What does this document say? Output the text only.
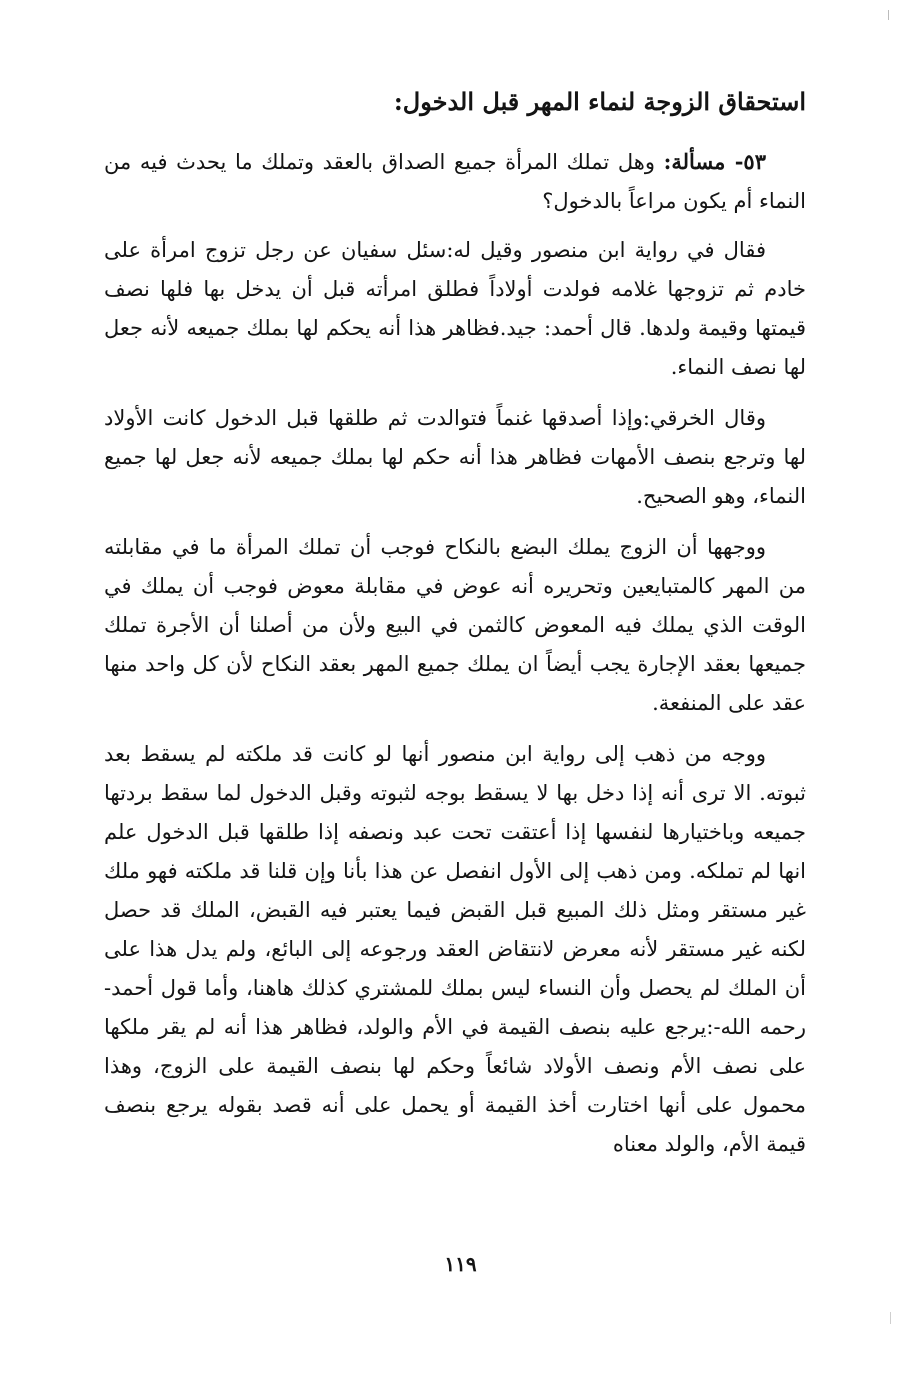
استحقاق الزوجة لنماء المهر قبل الدخول:

٥٣- مسألة: وهل تملك المرأة جميع الصداق بالعقد وتملك ما يحدث فيه من النماء أم يكون مراعاً بالدخول؟

فقال في رواية ابن منصور وقيل له:سئل سفيان عن رجل تزوج امرأة على خادم ثم تزوجها غلامه فولدت أولاداً فطلق امرأته قبل أن يدخل بها فلها نصف قيمتها وقيمة ولدها. قال أحمد: جيد.فظاهر هذا أنه يحكم لها بملك جميعه لأنه جعل لها نصف النماء.

وقال الخرقي:وإذا أصدقها غنماً فتوالدت ثم طلقها قبل الدخول كانت الأولاد لها وترجع بنصف الأمهات فظاهر هذا أنه حكم لها بملك جميعه لأنه جعل لها جميع النماء، وهو الصحيح.

ووجهها أن الزوج يملك البضع بالنكاح فوجب أن تملك المرأة ما في مقابلته من المهر كالمتبايعين وتحريره أنه عوض في مقابلة معوض فوجب أن يملك في الوقت الذي يملك فيه المعوض كالثمن في البيع ولأن من أصلنا أن الأجرة تملك جميعها بعقد الإجارة يجب أيضاً ان يملك جميع المهر بعقد النكاح لأن كل واحد منها عقد على المنفعة.

ووجه من ذهب إلى رواية ابن منصور أنها لو كانت قد ملكته لم يسقط بعد ثبوته. الا ترى أنه إذا دخل بها لا يسقط بوجه لثبوته وقبل الدخول لما سقط بردتها جميعه وباختيارها لنفسها إذا أعتقت تحت عبد ونصفه إذا طلقها قبل الدخول علم انها لم تملكه. ومن ذهب إلى الأول انفصل عن هذا بأنا وإن قلنا قد ملكته فهو ملك غير مستقر ومثل ذلك المبيع قبل القبض فيما يعتبر فيه القبض، الملك قد حصل لكنه غير مستقر لأنه معرض لانتقاض العقد ورجوعه إلى البائع، ولم يدل هذا على أن الملك لم يحصل وأن النساء ليس بملك للمشتري كذلك هاهنا، وأما قول أحمد- رحمه الله-:يرجع عليه بنصف القيمة في الأم والولد، فظاهر هذا أنه لم يقر ملكها على نصف الأم ونصف الأولاد شائعاً وحكم لها بنصف القيمة على الزوج، وهذا محمول على أنها اختارت أخذ القيمة أو يحمل على أنه قصد بقوله يرجع بنصف قيمة الأم، والولد معناه

١١٩
